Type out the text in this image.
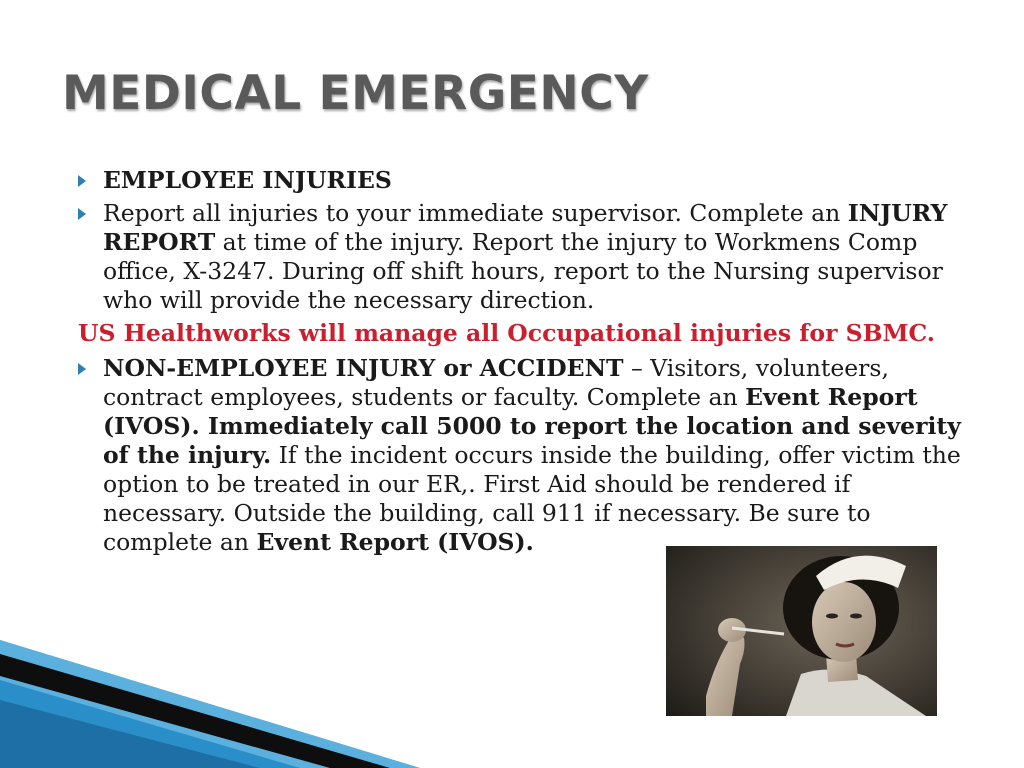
MEDICAL EMERGENCY
EMPLOYEE INJURIES
Report all injuries to your immediate supervisor. Complete an INJURY REPORT at time of the injury. Report the injury to Workmens Comp office, X-3247. During off shift hours, report to the Nursing supervisor who will provide the necessary direction.
US Healthworks will manage all Occupational injuries for SBMC.
NON-EMPLOYEE INJURY or ACCIDENT – Visitors, volunteers, contract employees, students or faculty. Complete an Event Report (IVOS). Immediately call 5000 to report the location and severity of the injury. If the incident occurs inside the building, offer victim the option to be treated in our ER,. First Aid should be rendered if necessary. Outside the building, call 911 if necessary. Be sure to complete an Event Report (IVOS).
